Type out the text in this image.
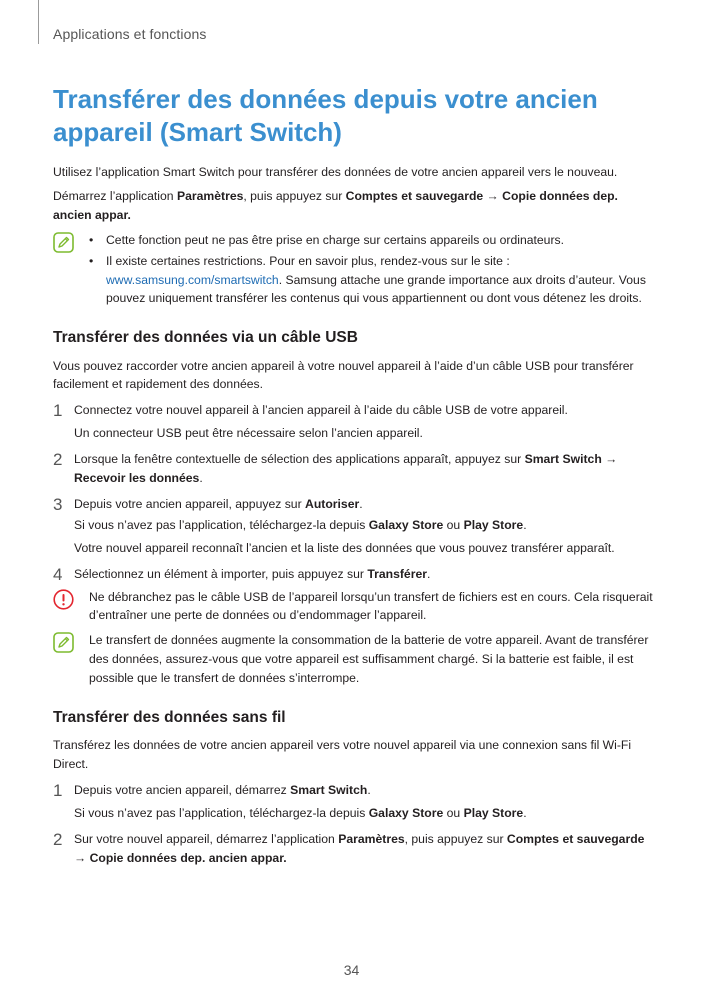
Applications et fonctions
Transférer des données depuis votre ancien appareil (Smart Switch)

Utilisez l’application Smart Switch pour transférer des données de votre ancien appareil vers le nouveau.

Démarrez l’application Paramètres, puis appuyez sur Comptes et sauvegarde → Copie données dep. ancien appar.

• Cette fonction peut ne pas être prise en charge sur certains appareils ou ordinateurs.
• Il existe certaines restrictions. Pour en savoir plus, rendez-vous sur le site : www.samsung.com/smartswitch. Samsung attache une grande importance aux droits d’auteur. Vous pouvez uniquement transférer les contenus qui vous appartiennent ou dont vous détenez les droits.
Transférer des données via un câble USB

Vous pouvez raccorder votre ancien appareil à votre nouvel appareil à l’aide d’un câble USB pour transférer facilement et rapidement des données.

1 Connectez votre nouvel appareil à l’ancien appareil à l’aide du câble USB de votre appareil.

Un connecteur USB peut être nécessaire selon l’ancien appareil.

2 Lorsque la fenêtre contextuelle de sélection des applications apparaît, appuyez sur Smart Switch → Recevoir les données.
3 Depuis votre ancien appareil, appuyez sur Autoriser.

Si vous n’avez pas l’application, téléchargez-la depuis Galaxy Store ou Play Store.

Votre nouvel appareil reconnaît l’ancien et la liste des données que vous pouvez transférer apparaît.

4 Sélectionnez un élément à importer, puis appuyez sur Transférer.
Ne débranchez pas le câble USB de l’appareil lorsqu’un transfert de fichiers est en cours. Cela risquerait d’entraîner une perte de données ou d’endommager l’appareil.
Le transfert de données augmente la consommation de la batterie de votre appareil. Avant de transférer des données, assurez-vous que votre appareil est suffisamment chargé. Si la batterie est faible, il est possible que le transfert de données s’interrompe.
Transférer des données sans fil

Transférez les données de votre ancien appareil vers votre nouvel appareil via une connexion sans fil Wi-Fi Direct.

1 Depuis votre ancien appareil, démarrez Smart Switch.

Si vous n’avez pas l’application, téléchargez-la depuis Galaxy Store ou Play Store.

2 Sur votre nouvel appareil, démarrez l’application Paramètres, puis appuyez sur Comptes et sauvegarde → Copie données dep. ancien appar.
34
